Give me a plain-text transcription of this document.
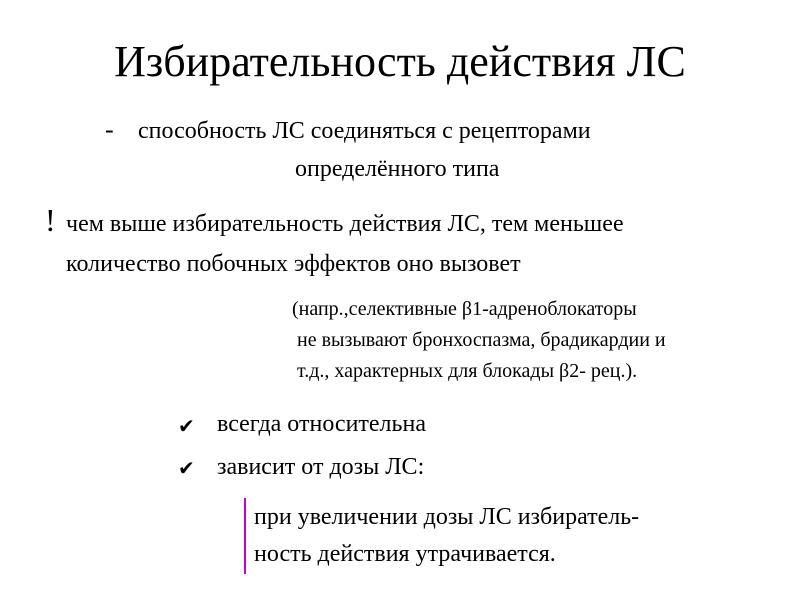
Избирательность действия ЛС
- способность ЛС соединяться с рецепторами
определённого типа
! чем выше избирательность действия ЛС, тем меньшее
количество побочных эффектов оно вызовет
(напр.,селективные β1-адреноблокаторы
не вызывают бронхоспазма, брадикардии и
т.д., характерных для блокады β2- рец.).
✔ всегда относительна
✔ зависит от дозы ЛС:
при увеличении дозы ЛС избиратель-
ность действия утрачивается.
